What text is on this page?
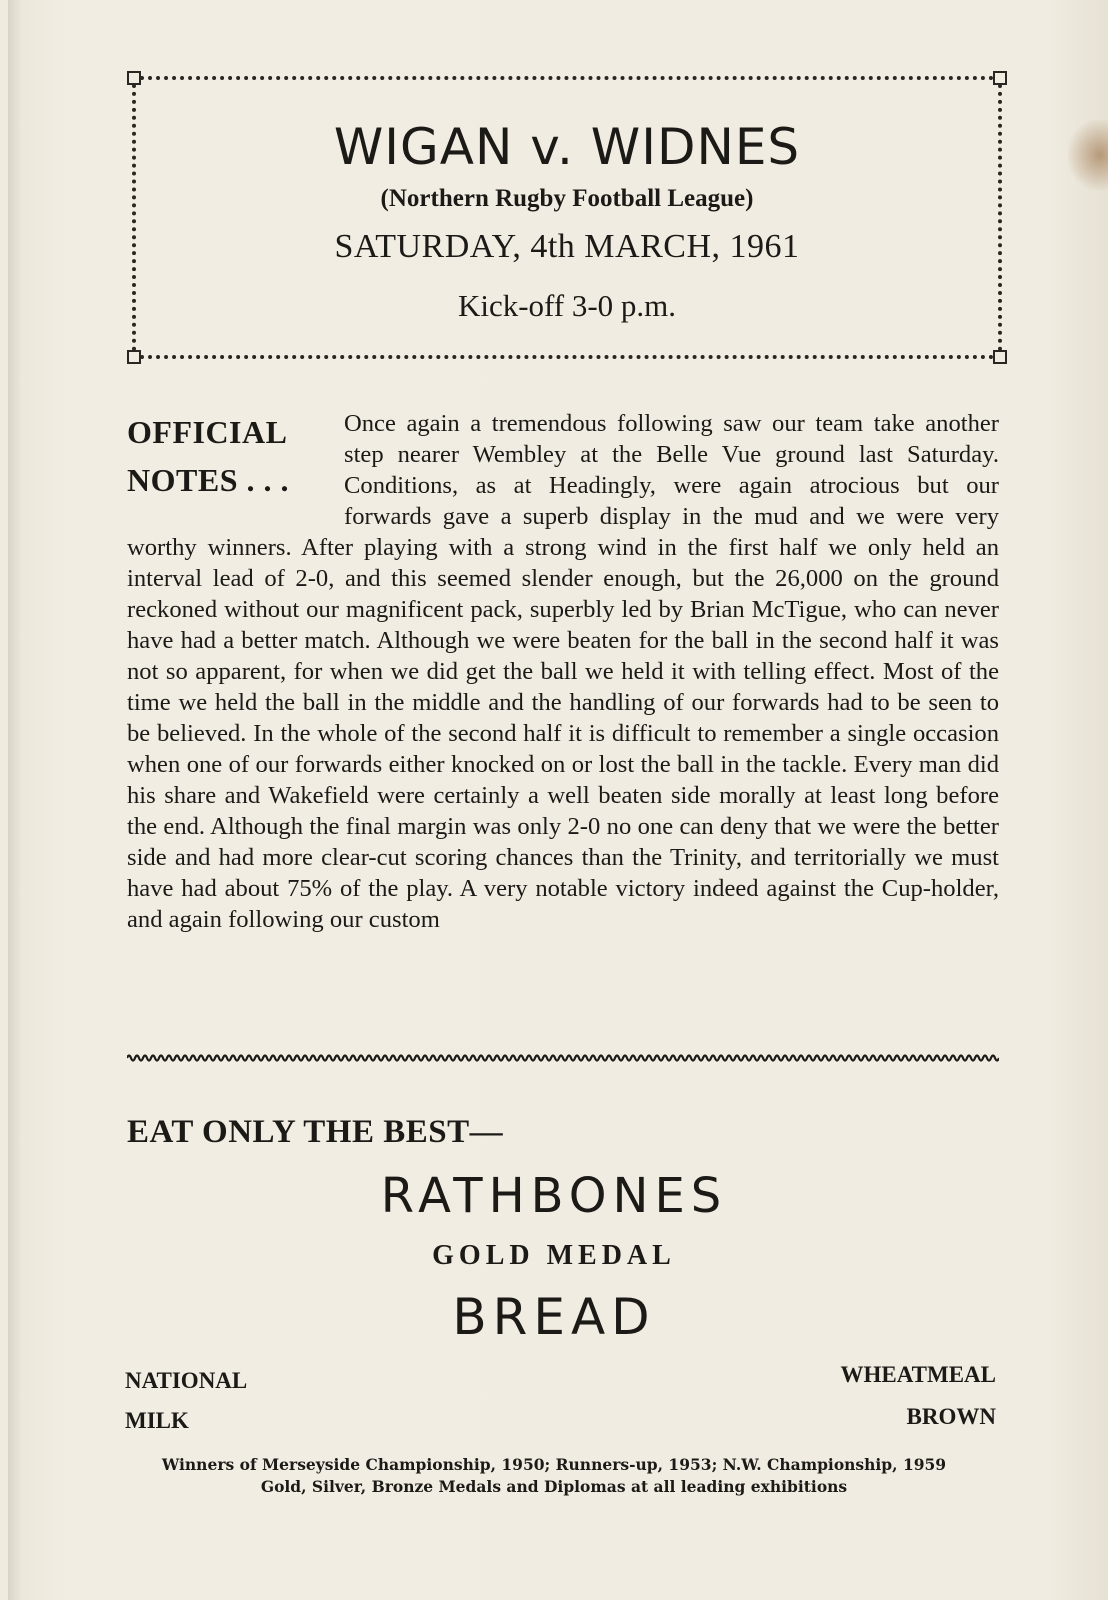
WIGAN v. WIDNES
(Northern Rugby Football League)
SATURDAY, 4th MARCH, 1961
Kick-off 3-0 p.m.
OFFICIAL
NOTES . . .

Once again a tremendous following saw our team take another step nearer Wembley at the Belle Vue ground last Saturday. Conditions, as at Headingly, were again atrocious but our forwards gave a superb display in the mud and we were very worthy winners. After playing with a strong wind in the first half we only held an interval lead of 2-0, and this seemed slender enough, but the 26,000 on the ground reckoned without our magnificent pack, superbly led by Brian McTigue, who can never have had a better match. Although we were beaten for the ball in the second half it was not so apparent, for when we did get the ball we held it with telling effect. Most of the time we held the ball in the middle and the handling of our forwards had to be seen to be believed. In the whole of the second half it is difficult to remember a single occasion when one of our forwards either knocked on or lost the ball in the tackle. Every man did his share and Wakefield were certainly a well beaten side morally at least long before the end. Although the final margin was only 2-0 no one can deny that we were the better side and had more clear-cut scoring chances than the Trinity, and territorially we must have had about 75% of the play. A very notable victory indeed against the Cup-holder, and again following our custom

EAT ONLY THE BEST—
RATHBONES
GOLD MEDAL
BREAD
NATIONAL
MILK
WHEATMEAL
BROWN
Winners of Merseyside Championship, 1950; Runners-up, 1953; N.W. Championship, 1959
Gold, Silver, Bronze Medals and Diplomas at all leading exhibitions
